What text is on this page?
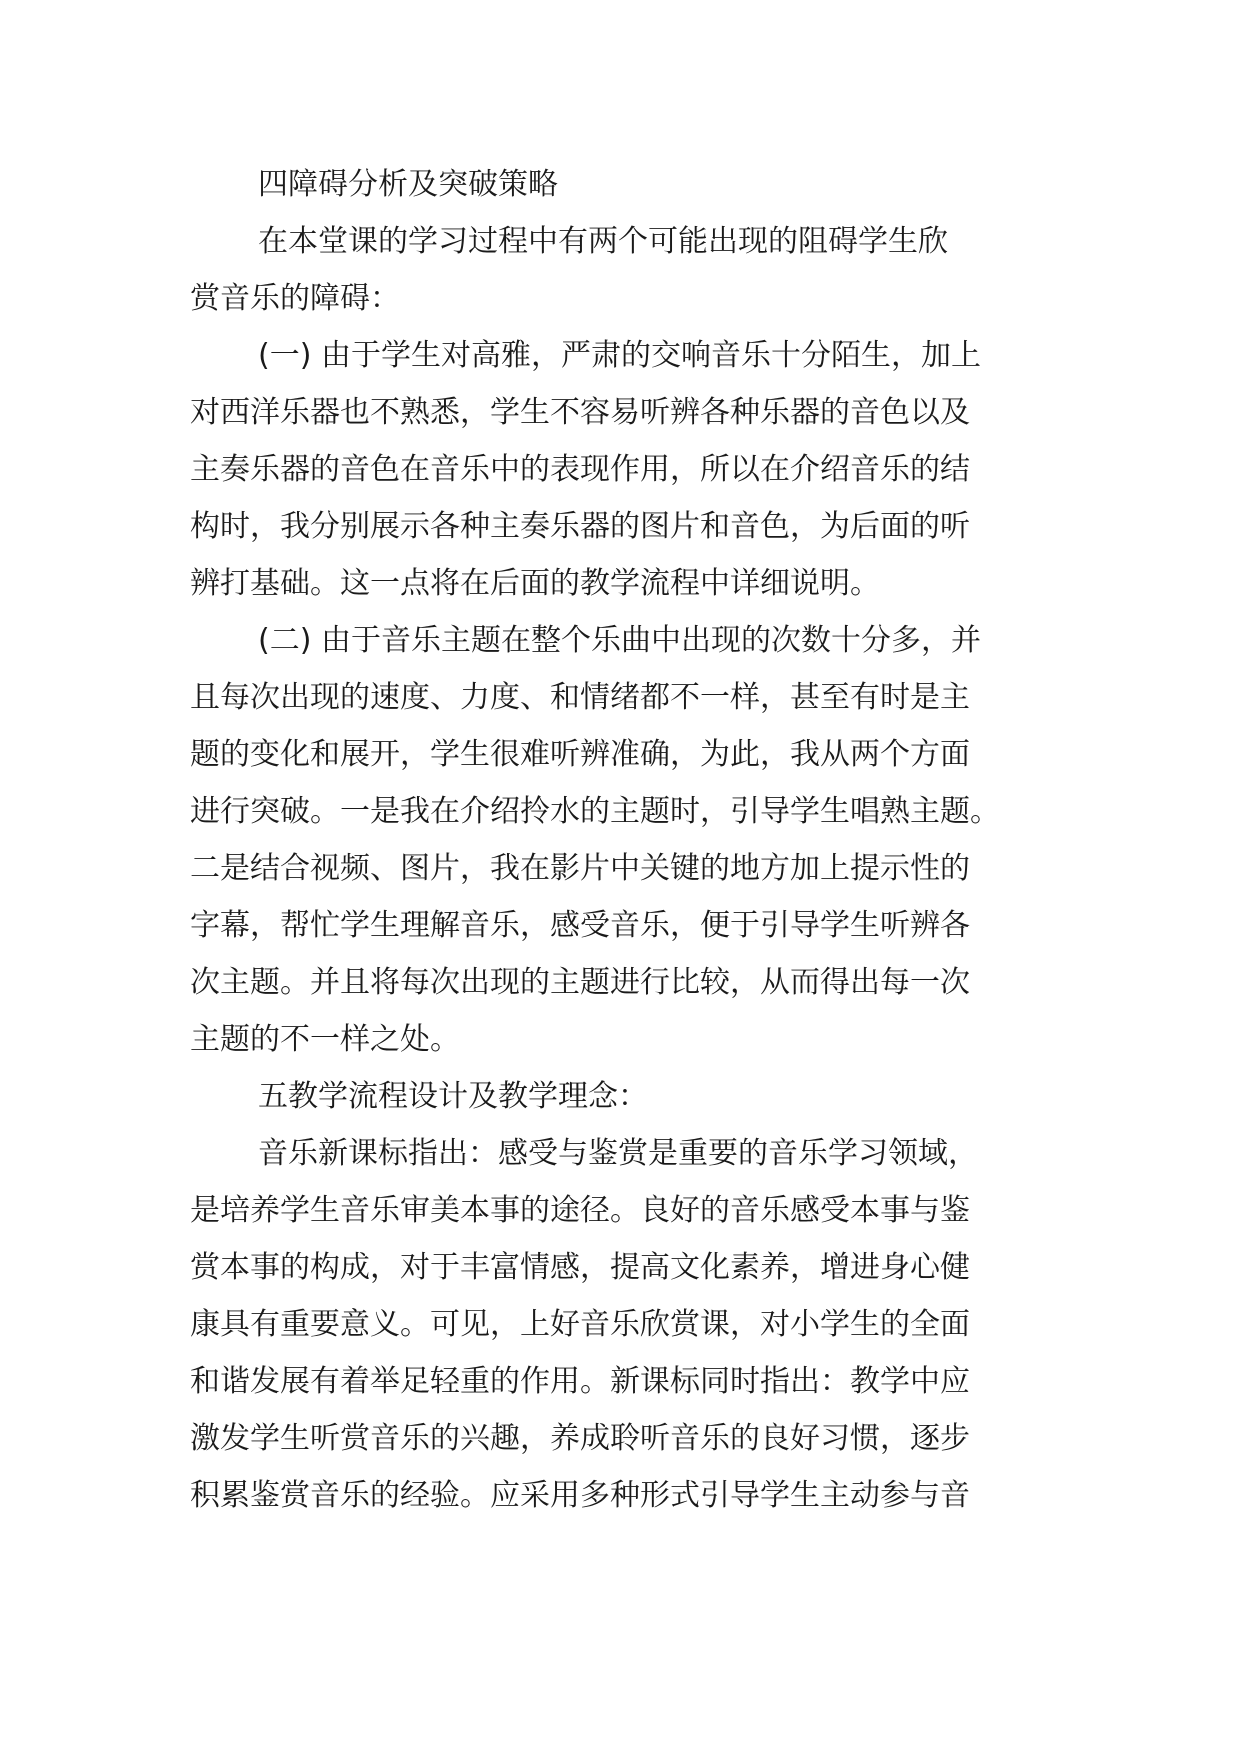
四障碍分析及突破策略
在本堂课的学习过程中有两个可能出现的阻碍学生欣
赏音乐的障碍：
(一) 由于学生对高雅，严肃的交响音乐十分陌生，加上
对西洋乐器也不熟悉，学生不容易听辨各种乐器的音色以及
主奏乐器的音色在音乐中的表现作用，所以在介绍音乐的结
构时，我分别展示各种主奏乐器的图片和音色，为后面的听
辨打基础。这一点将在后面的教学流程中详细说明。
(二) 由于音乐主题在整个乐曲中出现的次数十分多，并
且每次出现的速度、力度、和情绪都不一样，甚至有时是主
题的变化和展开，学生很难听辨准确，为此，我从两个方面
进行突破。一是我在介绍拎水的主题时，引导学生唱熟主题。
二是结合视频、图片，我在影片中关键的地方加上提示性的
字幕，帮忙学生理解音乐，感受音乐，便于引导学生听辨各
次主题。并且将每次出现的主题进行比较，从而得出每一次
主题的不一样之处。
五教学流程设计及教学理念：
音乐新课标指出：感受与鉴赏是重要的音乐学习领域，
是培养学生音乐审美本事的途径。良好的音乐感受本事与鉴
赏本事的构成，对于丰富情感，提高文化素养，增进身心健
康具有重要意义。可见，上好音乐欣赏课，对小学生的全面
和谐发展有着举足轻重的作用。新课标同时指出：教学中应
激发学生听赏音乐的兴趣，养成聆听音乐的良好习惯，逐步
积累鉴赏音乐的经验。应采用多种形式引导学生主动参与音
